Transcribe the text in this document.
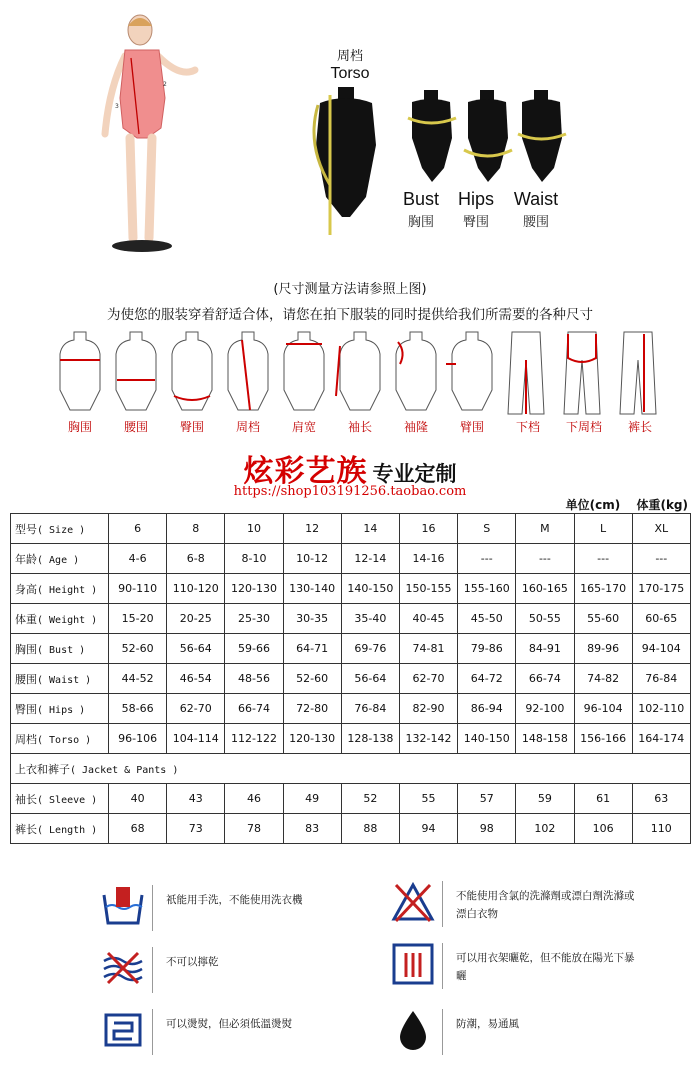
2
3
周档
Torso
Bust
胸围
Hips
臀围
Waist
腰围
(尺寸测量方法请参照上图)
为使您的服装穿着舒适合体，请您在拍下服装的同时提供给我们所需要的各种尺寸
胸围	腰围	臀围	周档	肩宽	袖长	袖隆	臂围	下档	下周档	裤长
炫彩艺族 专业定制
https://shop103191256.taobao.com
单位(cm) 体重(kg)
型号( Size )	6	8	10	12	14	16	S	M	L	XL
年龄( Age )	4-6	6-8	8-10	10-12	12-14	14-16	---	---	---	---
身高( Height )	90-110	110-120	120-130	130-140	140-150	150-155	155-160	160-165	165-170	170-175
体重( Weight )	15-20	20-25	25-30	30-35	35-40	40-45	45-50	50-55	55-60	60-65
胸围( Bust )	52-60	56-64	59-66	64-71	69-76	74-81	79-86	84-91	89-96	94-104
腰围( Waist )	44-52	46-54	48-56	52-60	56-64	62-70	64-72	66-74	74-82	76-84
臀围( Hips )	58-66	62-70	66-74	72-80	76-84	82-90	86-94	92-100	96-104	102-110
周档( Torso )	96-106	104-114	112-122	120-130	128-138	132-142	140-150	148-158	156-166	164-174
上衣和裤子( Jacket & Pants )										
袖长( Sleeve )	40	43	46	49	52	55	57	59	61	63
裤长( Length )	68	73	78	83	88	94	98	102	106	110
祇能用手洗，不能使用洗衣機	不能使用含氯的洗滌劑或漂白劑洗滌或漂白衣物
不可以擰乾	可以用衣架曬乾，但不能放在陽光下暴曬
可以燙熨，但必須低溫燙熨	防潮，易通風
